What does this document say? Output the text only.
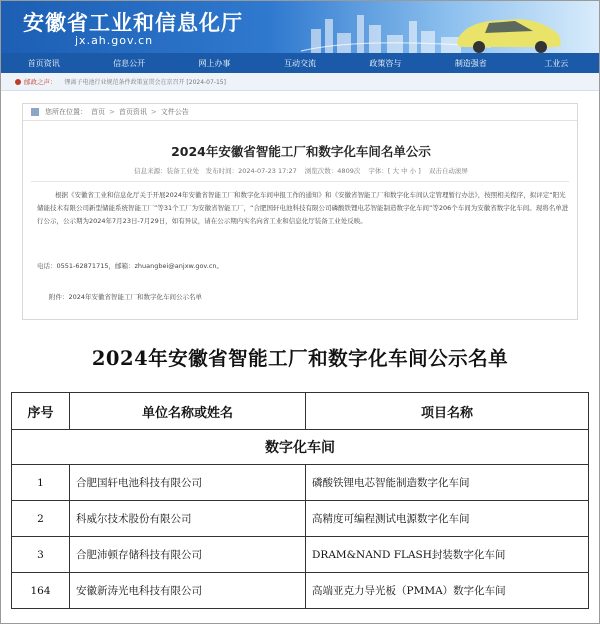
安徽省工业和信息化厅
jx.ah.gov.cn
首页资讯	信息公开	网上办事	互动交流	政策咨与	制造强省	工业云
邮政之声： 锂离子电池行业规范条件政策宣贯会在京召开 [2024-07-15]
您所在位置： 首页 > 首页资讯 > 文件公告
2024年安徽省智能工厂和数字化车间名单公示
信息来源：装备工业处　发布时间：2024-07-23 17:27 浏览次数：4809次 字体：[ 大 中 小 ] 双击自动滚屏
根据《安徽省工业和信息化厅关于开展2024年安徽省智能工厂和数字化车间申报工作的通知》和《安徽省智能工厂和数字化车间认定管理暂行办法》，按照相关程序，拟评定“阳光储能技术有限公司新型储能系统智能工厂”等31个工厂为安徽省智能工厂，“合肥国轩电池科技有限公司磷酸铁锂电芯智能制造数字化车间”等206个车间为安徽省数字化车间。现将名单进行公示，公示期为2024年7月23日-7月29日，如有异议，请在公示期内实名向省工业和信息化厅装备工业处反映。
电话：0551-62871715，邮箱：zhuangbei@anjxw.gov.cn。
附件：2024年安徽省智能工厂和数字化车间公示名单
2024年安徽省智能工厂和数字化车间公示名单
序号	单位名称或姓名	项目名称
数字化车间		
1	合肥国轩电池科技有限公司	磷酸铁锂电芯智能制造数字化车间
2	科威尔技术股份有限公司	高精度可编程测试电源数字化车间
3	合肥沛顿存储科技有限公司	DRAM&NAND FLASH封装数字化车间
164	安徽新涛光电科技有限公司	高端亚克力导光板（PMMA）数字化车间
